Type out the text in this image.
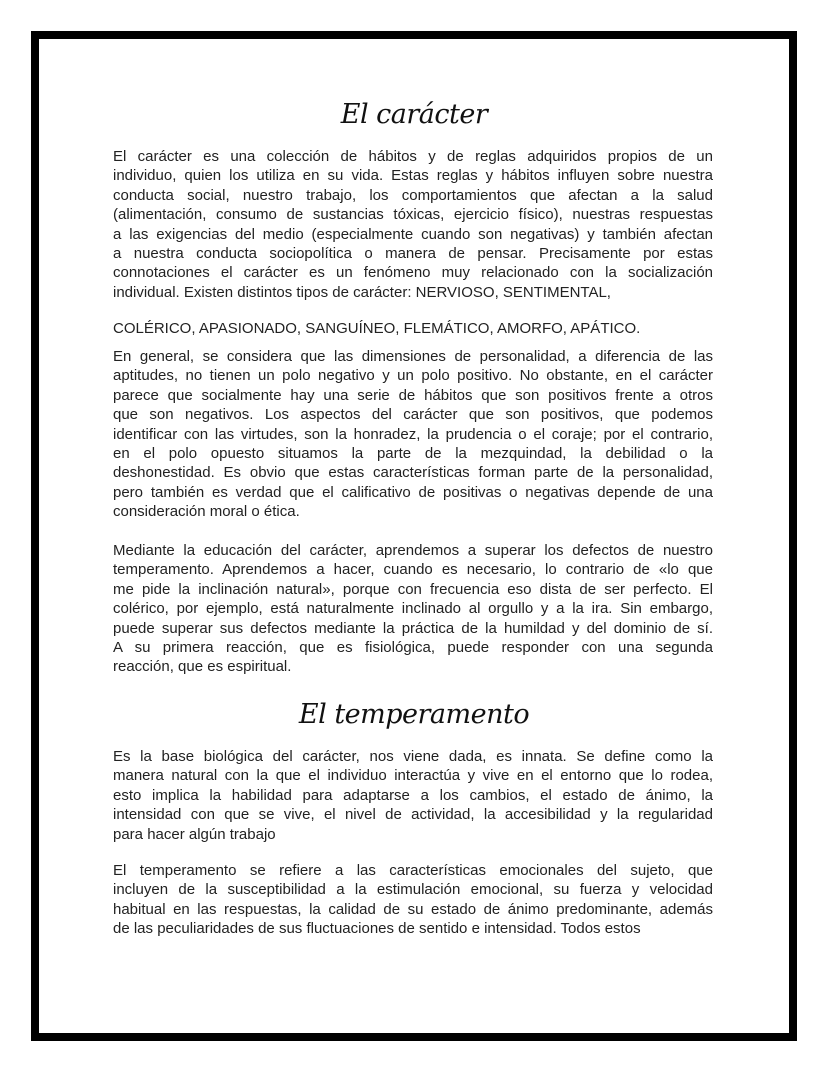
El carácter
El carácter es una colección de hábitos y de reglas adquiridos propios de un
individuo, quien los utiliza en su vida. Estas reglas y hábitos influyen sobre nuestra
conducta social, nuestro trabajo, los comportamientos que afectan a la salud
(alimentación, consumo de sustancias tóxicas, ejercicio físico), nuestras respuestas
a las exigencias del medio (especialmente cuando son negativas) y también afectan
a nuestra conducta sociopolítica o manera de pensar. Precisamente por estas
connotaciones el carácter es un fenómeno muy relacionado con la socialización
individual. Existen distintos tipos de carácter: NERVIOSO, SENTIMENTAL,
COLÉRICO, APASIONADO, SANGUÍNEO, FLEMÁTICO, AMORFO, APÁTICO.
En general, se considera que las dimensiones de personalidad, a diferencia de las
aptitudes, no tienen un polo negativo y un polo positivo. No obstante, en el carácter
parece que socialmente hay una serie de hábitos que son positivos frente a otros
que son negativos. Los aspectos del carácter que son positivos, que podemos
identificar con las virtudes, son la honradez, la prudencia o el coraje; por el contrario,
en el polo opuesto situamos la parte de la mezquindad, la debilidad o la
deshonestidad. Es obvio que estas características forman parte de la personalidad,
pero también es verdad que el calificativo de positivas o negativas depende de una
consideración moral o ética.
Mediante la educación del carácter, aprendemos a superar los defectos de nuestro
temperamento. Aprendemos a hacer, cuando es necesario, lo contrario de «lo que
me pide la inclinación natural», porque con frecuencia eso dista de ser perfecto. El
colérico, por ejemplo, está naturalmente inclinado al orgullo y a la ira. Sin embargo,
puede superar sus defectos mediante la práctica de la humildad y del dominio de sí.
A su primera reacción, que es fisiológica, puede responder con una segunda
reacción, que es espiritual.
El temperamento
Es la base biológica del carácter, nos viene dada, es innata. Se define como la
manera natural con la que el individuo interactúa y vive en el entorno que lo rodea,
esto implica la habilidad para adaptarse a los cambios, el estado de ánimo, la
intensidad con que se vive, el nivel de actividad, la accesibilidad y la regularidad
para hacer algún trabajo
El temperamento se refiere a las características emocionales del sujeto, que
incluyen de la susceptibilidad a la estimulación emocional, su fuerza y velocidad
habitual en las respuestas, la calidad de su estado de ánimo predominante, además
de las peculiaridades de sus fluctuaciones de sentido e intensidad. Todos estos
